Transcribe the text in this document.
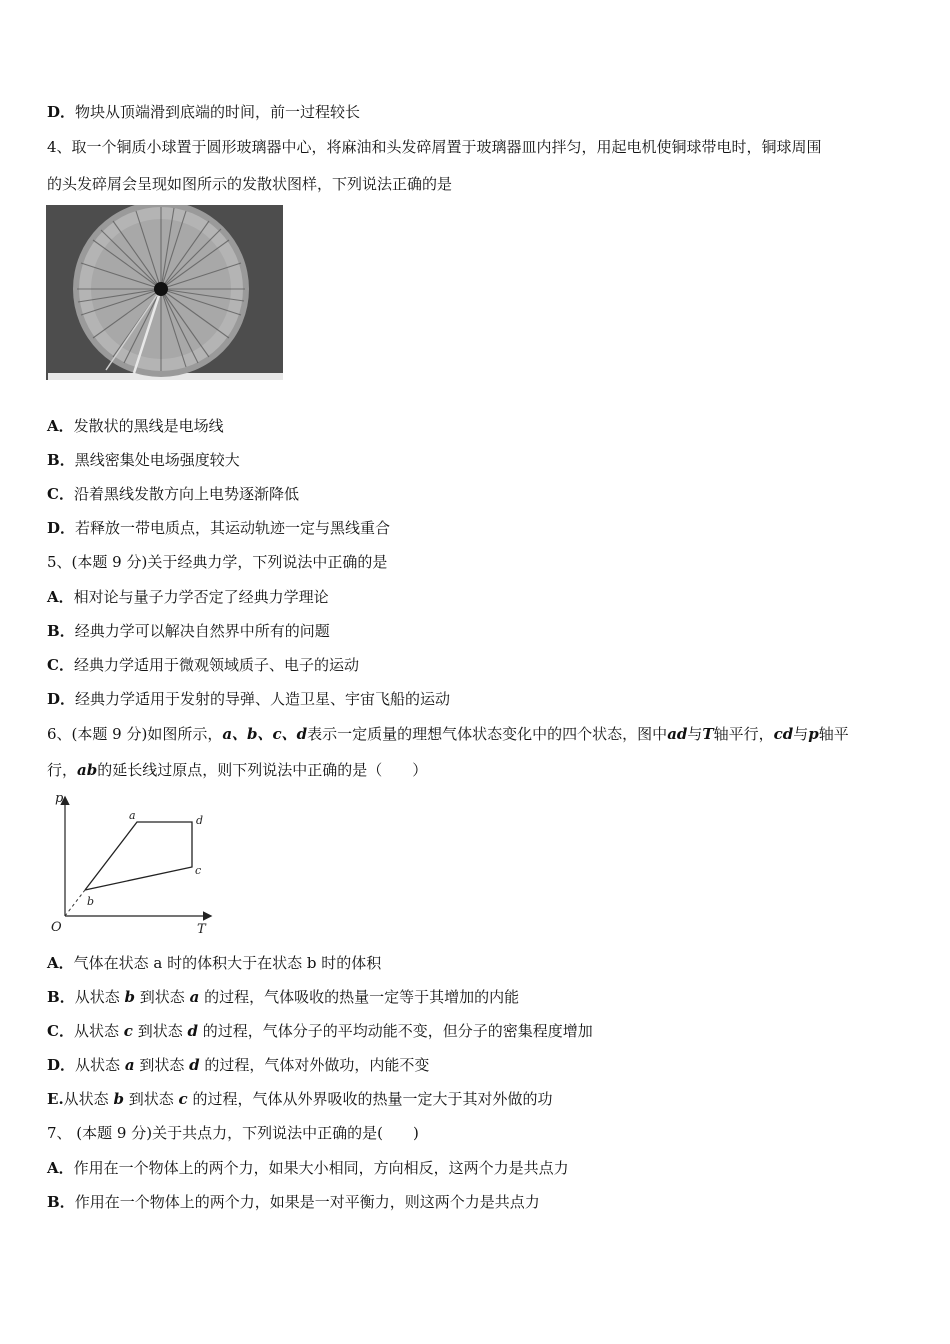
D．物块从顶端滑到底端的时间，前一过程较长
4、取一个铜质小球置于圆形玻璃器中心，将麻油和头发碎屑置于玻璃器皿内拌匀，用起电机使铜球带电时，铜球周围
的头发碎屑会呈现如图所示的发散状图样，下列说法正确的是
A．发散状的黑线是电场线
B．黑线密集处电场强度较大
C．沿着黑线发散方向上电势逐渐降低
D．若释放一带电质点，其运动轨迹一定与黑线重合
5、(本题 9 分)关于经典力学，下列说法中正确的是
A．相对论与量子力学否定了经典力学理论
B．经典力学可以解决自然界中所有的问题
C．经典力学适用于微观领域质子、电子的运动
D．经典力学适用于发射的导弹、人造卫星、宇宙飞船的运动
6、(本题 9 分)如图所示，a、b、c、d表示一定质量的理想气体状态变化中的四个状态，图中ad与T轴平行，cd与p轴平
行，ab的延长线过原点，则下列说法中正确的是（　　）
p
T
O
a
b
c
d
A．气体在状态 a 时的体积大于在状态 b 时的体积
B．从状态 b 到状态 a 的过程，气体吸收的热量一定等于其增加的内能
C．从状态 c 到状态 d 的过程，气体分子的平均动能不变，但分子的密集程度增加
D．从状态 a 到状态 d 的过程，气体对外做功，内能不变
E.从状态 b 到状态 c 的过程，气体从外界吸收的热量一定大于其对外做的功
7、 (本题 9 分)关于共点力，下列说法中正确的是(　　)
A．作用在一个物体上的两个力，如果大小相同，方向相反，这两个力是共点力
B．作用在一个物体上的两个力，如果是一对平衡力，则这两个力是共点力
